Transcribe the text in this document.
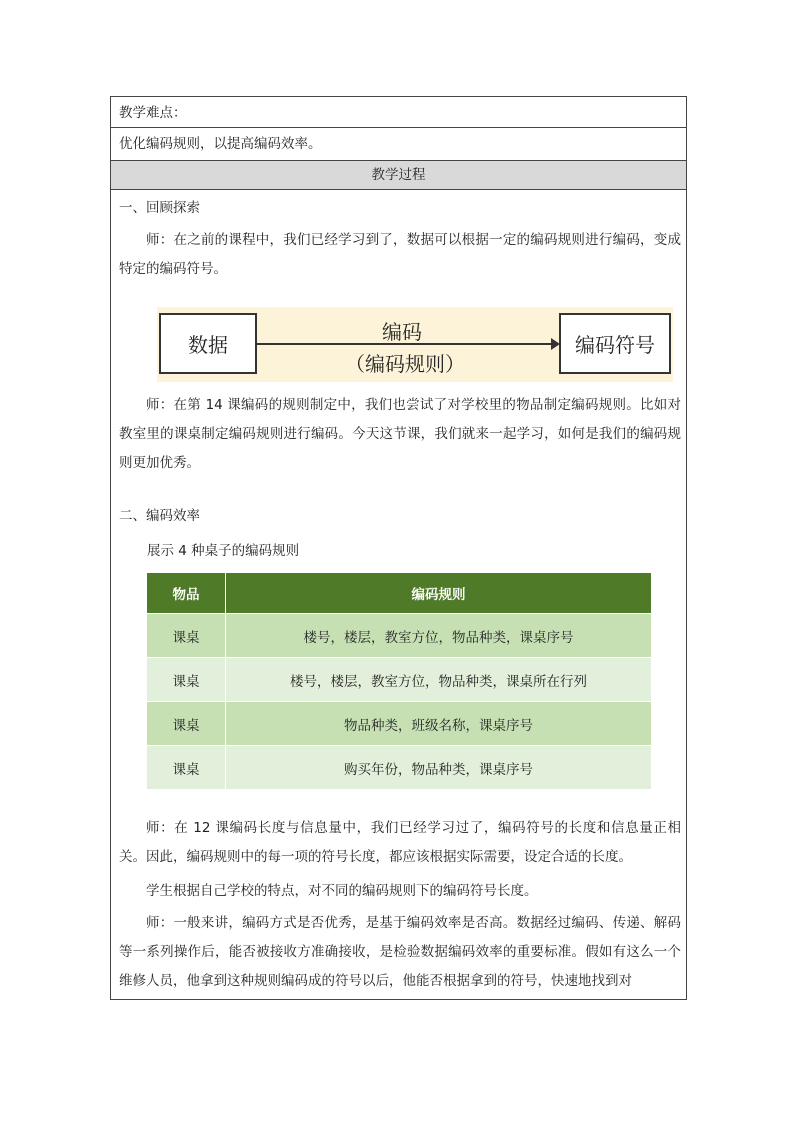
教学难点：
优化编码规则，以提高编码效率。
教学过程
一、回顾探索
师：在之前的课程中，我们已经学习到了，数据可以根据一定的编码规则进行编码，变成特定的编码符号。
数据
编码
（编码规则）
编码符号
师：在第 14 课编码的规则制定中，我们也尝试了对学校里的物品制定编码规则。比如对教室里的课桌制定编码规则进行编码。今天这节课，我们就来一起学习，如何是我们的编码规则更加优秀。
二、编码效率
展示 4 种桌子的编码规则
物品	编码规则
课桌	楼号，楼层，教室方位，物品种类，课桌序号
课桌	楼号，楼层，教室方位，物品种类，课桌所在行列
课桌	物品种类，班级名称，课桌序号
课桌	购买年份，物品种类，课桌序号
师：在 12 课编码长度与信息量中，我们已经学习过了，编码符号的长度和信息量正相关。因此，编码规则中的每一项的符号长度，都应该根据实际需要，设定合适的长度。
学生根据自己学校的特点，对不同的编码规则下的编码符号长度。
师：一般来讲，编码方式是否优秀，是基于编码效率是否高。数据经过编码、传递、解码等一系列操作后，能否被接收方准确接收，是检验数据编码效率的重要标准。假如有这么一个维修人员，他拿到这种规则编码成的符号以后，他能否根据拿到的符号，快速地找到对
